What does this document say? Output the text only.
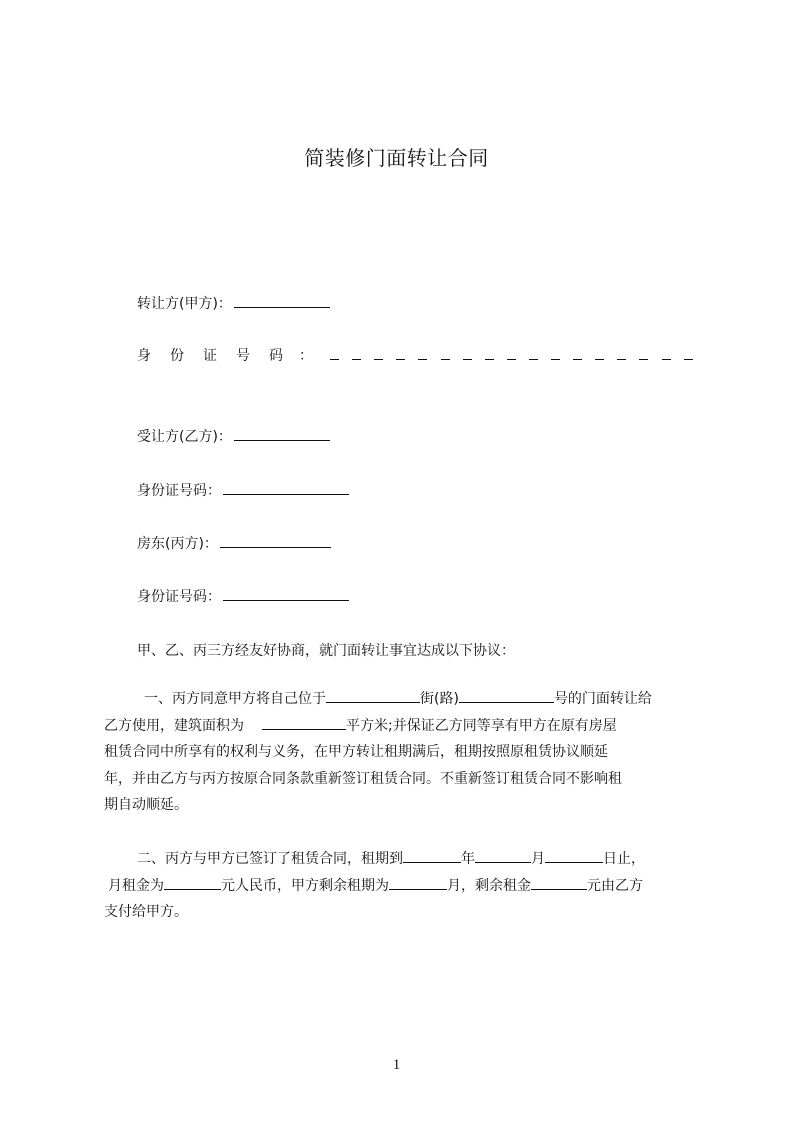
简装修门面转让合同
转让方(甲方)：
身 份 证 号 码 ：
受让方(乙方)：
身份证号码：
房东(丙方)：
身份证号码：
甲、乙、丙三方经友好协商，就门面转让事宜达成以下协议：
一、丙方同意甲方将自己位于	街(路)	号的门面转让给
乙方使用，建筑面积为	平方米;并保证乙方同等享有甲方在原有房屋
租赁合同中所享有的权利与义务，在甲方转让租期满后，租期按照原租赁协议顺延
年，并由乙方与丙方按原合同条款重新签订租赁合同。不重新签订租赁合同不影响租
期自动顺延。
二、丙方与甲方已签订了租赁合同，租期到	年	月	日止，
月租金为	元人民币，甲方剩余租期为	月，剩余租金	元由乙方
支付给甲方。
1
